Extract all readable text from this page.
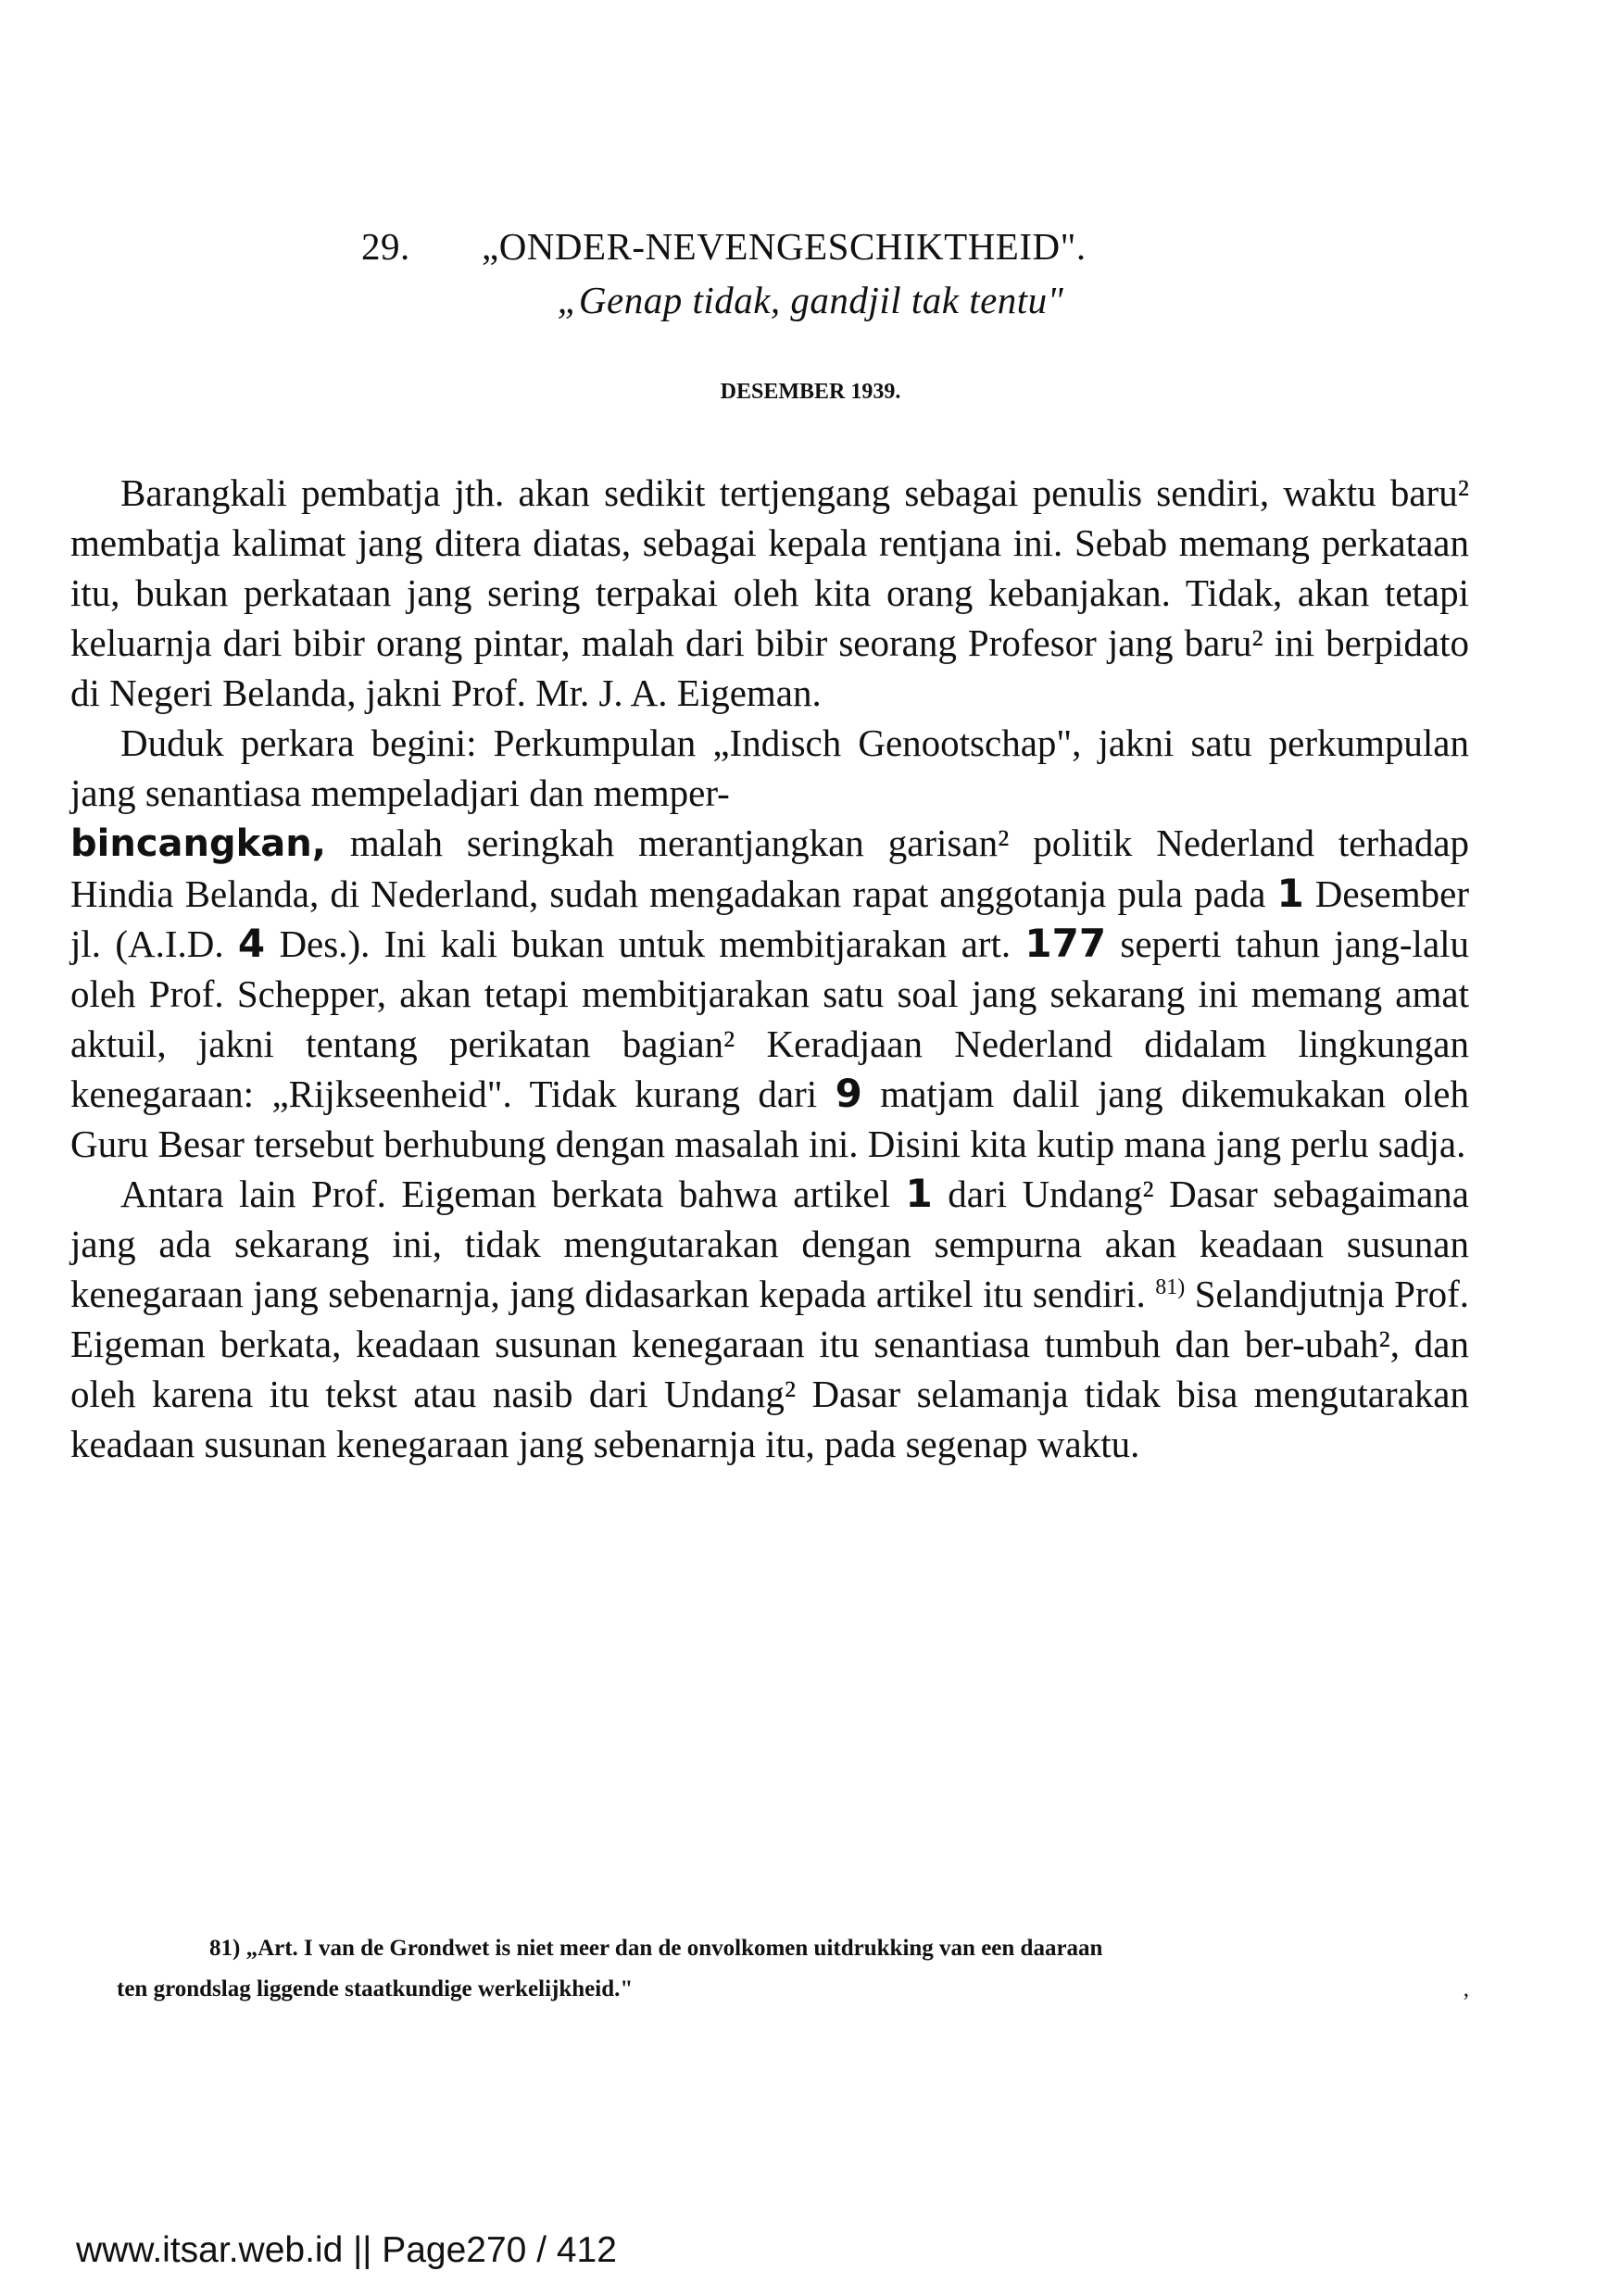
29. „ONDER-NEVENGESCHIKTHEID".
„Genap tidak, gandjil tak tentu"
DESEMBER 1939.

Barangkali pembatja jth. akan sedikit tertjengang sebagai penulis sendiri, waktu baru² membatja kalimat jang ditera diatas, sebagai kepala rentjana ini. Sebab memang perkataan itu, bukan perkataan jang sering terpakai oleh kita orang kebanjakan. Tidak, akan tetapi keluarnja dari bibir orang pintar, malah dari bibir seorang Profesor jang baru² ini berpidato di Negeri Belanda, jakni Prof. Mr. J. A. Eigeman.

Duduk perkara begini: Perkumpulan „Indisch Genootschap", jakni satu perkumpulan jang senantiasa mempeladjari dan memper-
bincangkan, malah seringkah merantjangkan garisan² politik Nederland terhadap Hindia Belanda, di Nederland, sudah mengadakan rapat anggotanja pula pada 1 Desember jl. (A.I.D. 4 Des.). Ini kali bukan untuk membitjarakan art. 177 seperti tahun jang-lalu oleh Prof. Schepper, akan tetapi membitjarakan satu soal jang sekarang ini memang amat aktuil, jakni tentang perikatan bagian² Keradjaan Nederland didalam lingkungan kenegaraan: „Rijkseenheid". Tidak kurang dari 9 matjam dalil jang dikemukakan oleh Guru Besar tersebut berhubung dengan masalah ini. Disini kita kutip mana jang perlu sadja.

Antara lain Prof. Eigeman berkata bahwa artikel 1 dari Undang² Dasar sebagaimana jang ada sekarang ini, tidak mengutarakan dengan sempurna akan keadaan susunan kenegaraan jang sebenarnja, jang didasarkan kepada artikel itu sendiri. $^{81)}$ Selandjutnja Prof. Eigeman berkata, keadaan susunan kenegaraan itu senantiasa tumbuh dan ber-ubah², dan oleh karena itu tekst atau nasib dari Undang² Dasar selamanja tidak bisa mengutarakan keadaan susunan kenegaraan jang sebenarnja itu, pada segenap waktu.

81) „Art. I van de Grondwet is niet meer dan de onvolkomen uitdrukking van een daaraan
ten grondslag liggende staatkundige werkelijkheid."	,
www.itsar.web.id || Page270 / 412
